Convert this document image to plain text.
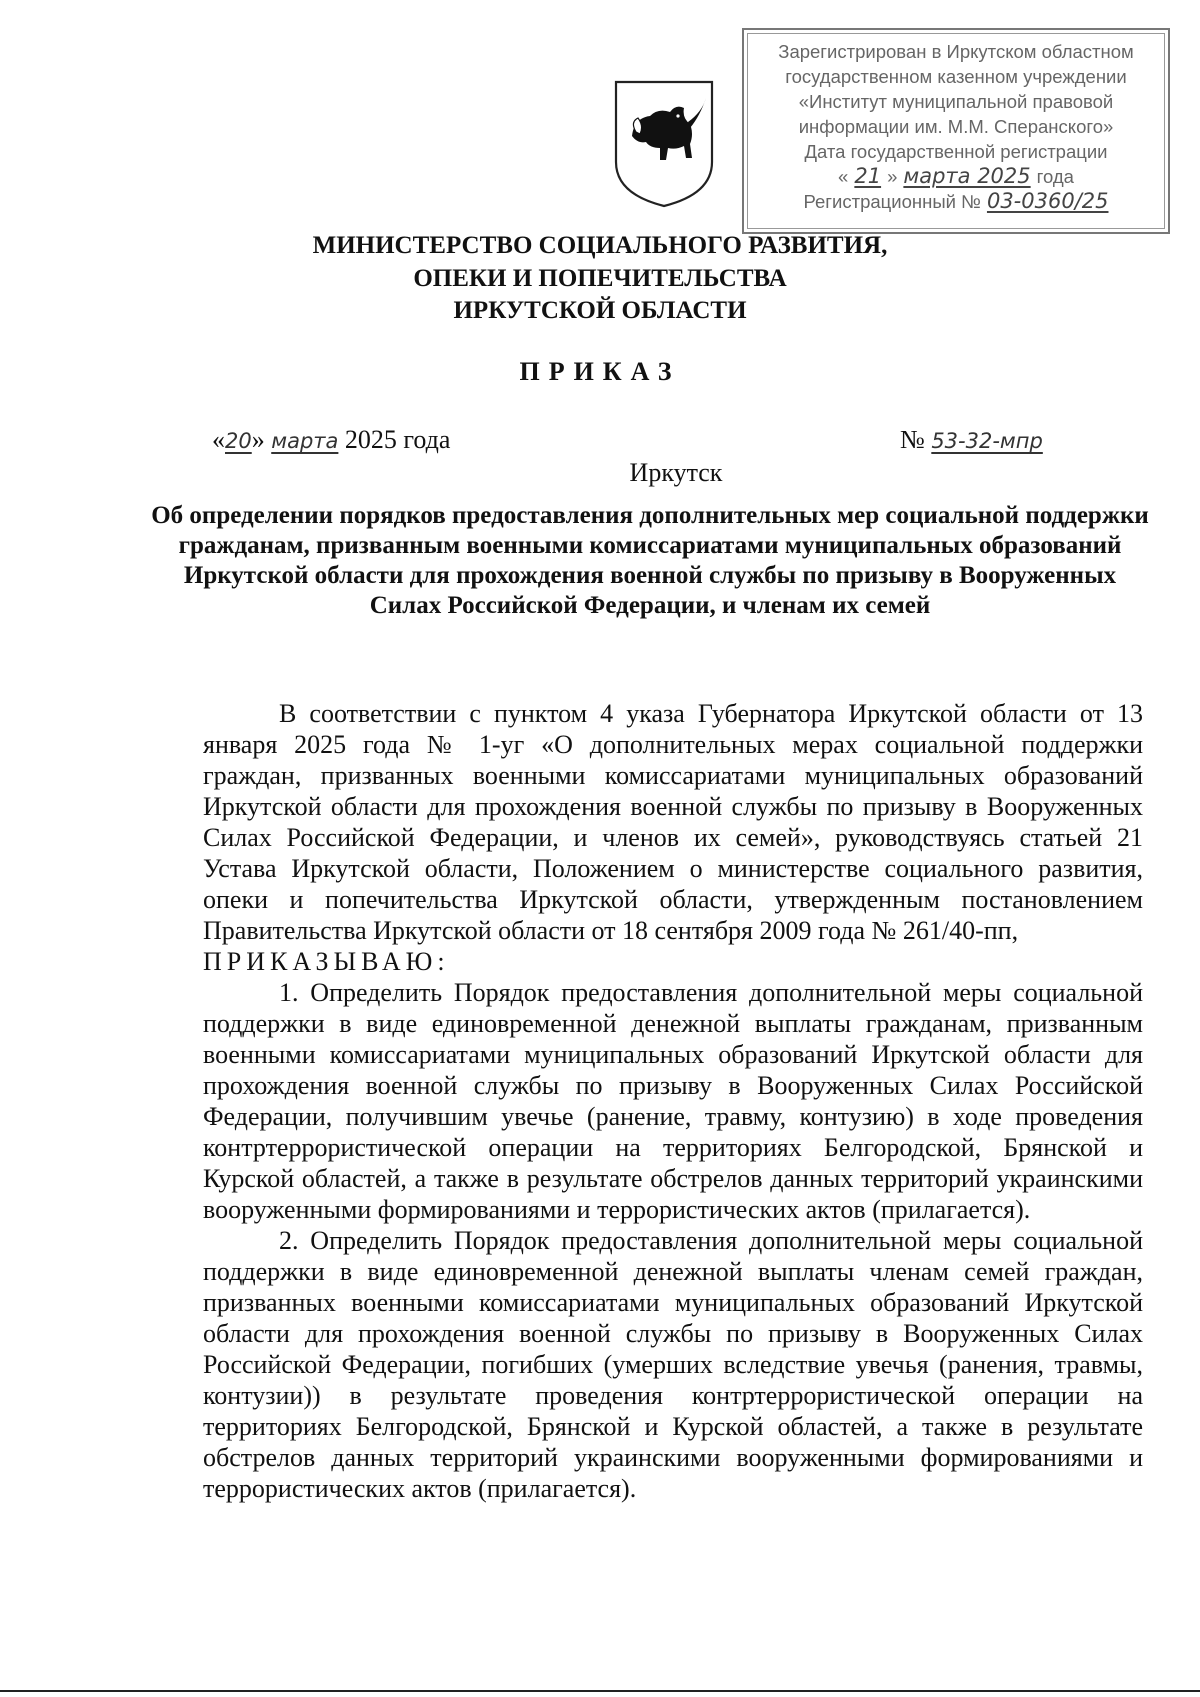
Зарегистрирован в Иркутском областном
государственном казенном учреждении
«Институт муниципальной правовой
информации им. М.М. Сперанского»
Дата государственной регистрации
« 21 » марта 2025 года
Регистрационный № 03-0360/25
МИНИСТЕРСТВО СОЦИАЛЬНОГО РАЗВИТИЯ,
ОПЕКИ И ПОПЕЧИТЕЛЬСТВА
ИРКУТСКОЙ ОБЛАСТИ
ПРИКАЗ
«20» марта 2025 года	№ 53-32-мпр
Иркутск
Об определении порядков предоставления дополнительных мер социальной поддержки гражданам, призванным военными комиссариатами муниципальных образований Иркутской области для прохождения военной службы по призыву в Вооруженных Силах Российской Федерации, и членам их семей

В соответствии с пунктом 4 указа Губернатора Иркутской области от 13 января 2025 года № 1-уг «О дополнительных мерах социальной поддержки граждан, призванных военными комиссариатами муниципальных образований Иркутской области для прохождения военной службы по призыву в Вооруженных Силах Российской Федерации, и членов их семей», руководствуясь статьей 21 Устава Иркутской области, Положением о министерстве социального развития, опеки и попечительства Иркутской области, утвержденным постановлением Правительства Иркутской области от 18 сентября 2009 года № 261/40-пп,

ПРИКАЗЫВАЮ:

1. Определить Порядок предоставления дополнительной меры социальной поддержки в виде единовременной денежной выплаты гражданам, призванным военными комиссариатами муниципальных образований Иркутской области для прохождения военной службы по призыву в Вооруженных Силах Российской Федерации, получившим увечье (ранение, травму, контузию) в ходе проведения контртеррористической операции на территориях Белгородской, Брянской и Курской областей, а также в результате обстрелов данных территорий украинскими вооруженными формированиями и террористических актов (прилагается).

2. Определить Порядок предоставления дополнительной меры социальной поддержки в виде единовременной денежной выплаты членам семей граждан, призванных военными комиссариатами муниципальных образований Иркутской области для прохождения военной службы по призыву в Вооруженных Силах Российской Федерации, погибших (умерших вследствие увечья (ранения, травмы, контузии)) в результате проведения контртеррористической операции на территориях Белгородской, Брянской и Курской областей, а также в результате обстрелов данных территорий украинскими вооруженными формированиями и террористических актов (прилагается).
